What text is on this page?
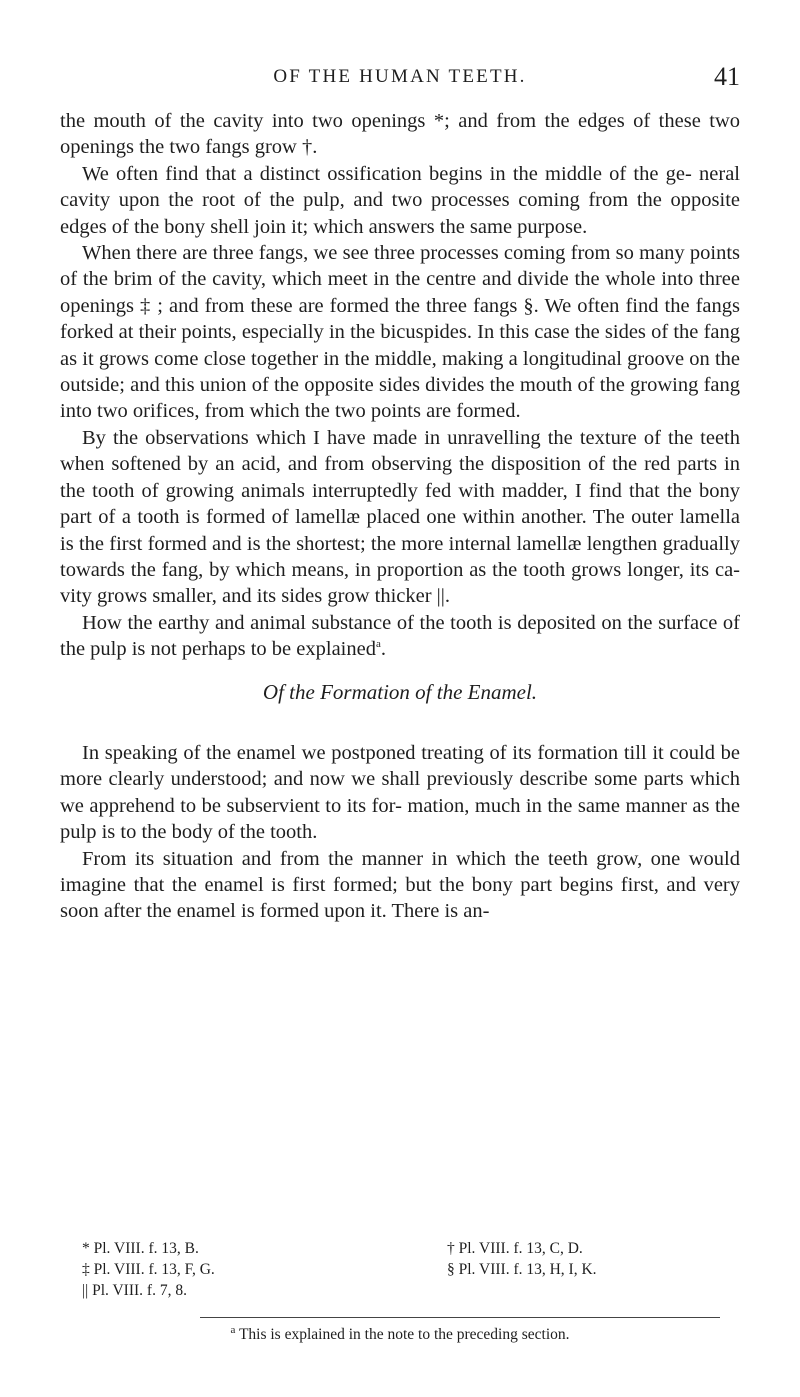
OF THE HUMAN TEETH.	41

the mouth of the cavity into two openings *; and from the edges of these two openings the two fangs grow †.

We often find that a distinct ossification begins in the middle of the ge- neral cavity upon the root of the pulp, and two processes coming from the opposite edges of the bony shell join it; which answers the same purpose.

When there are three fangs, we see three processes coming from so many points of the brim of the cavity, which meet in the centre and divide the whole into three openings ‡ ; and from these are formed the three fangs §. We often find the fangs forked at their points, especially in the bicuspides. In this case the sides of the fang as it grows come close together in the middle, making a longitudinal groove on the outside; and this union of the opposite sides divides the mouth of the growing fang into two orifices, from which the two points are formed.

By the observations which I have made in unravelling the texture of the teeth when softened by an acid, and from observing the disposition of the red parts in the tooth of growing animals interruptedly fed with madder, I find that the bony part of a tooth is formed of lamellæ placed one within another. The outer lamella is the first formed and is the shortest; the more internal lamellæ lengthen gradually towards the fang, by which means, in proportion as the tooth grows longer, its ca- vity grows smaller, and its sides grow thicker ||.

How the earthy and animal substance of the tooth is deposited on the surface of the pulp is not perhaps to be explained$^a$.

Of the Formation of the Enamel.

In speaking of the enamel we postponed treating of its formation till it could be more clearly understood; and now we shall previously describe some parts which we apprehend to be subservient to its for- mation, much in the same manner as the pulp is to the body of the tooth.

From its situation and from the manner in which the teeth grow, one would imagine that the enamel is first formed; but the bony part begins first, and very soon after the enamel is formed upon it. There is an-

* Pl. VIII. f. 13, B.	† Pl. VIII. f. 13, C, D.
‡ Pl. VIII. f. 13, F, G.	§ Pl. VIII. f. 13, H, I, K.
|| Pl. VIII. f. 7, 8.
$^a$ This is explained in the note to the preceding section.
